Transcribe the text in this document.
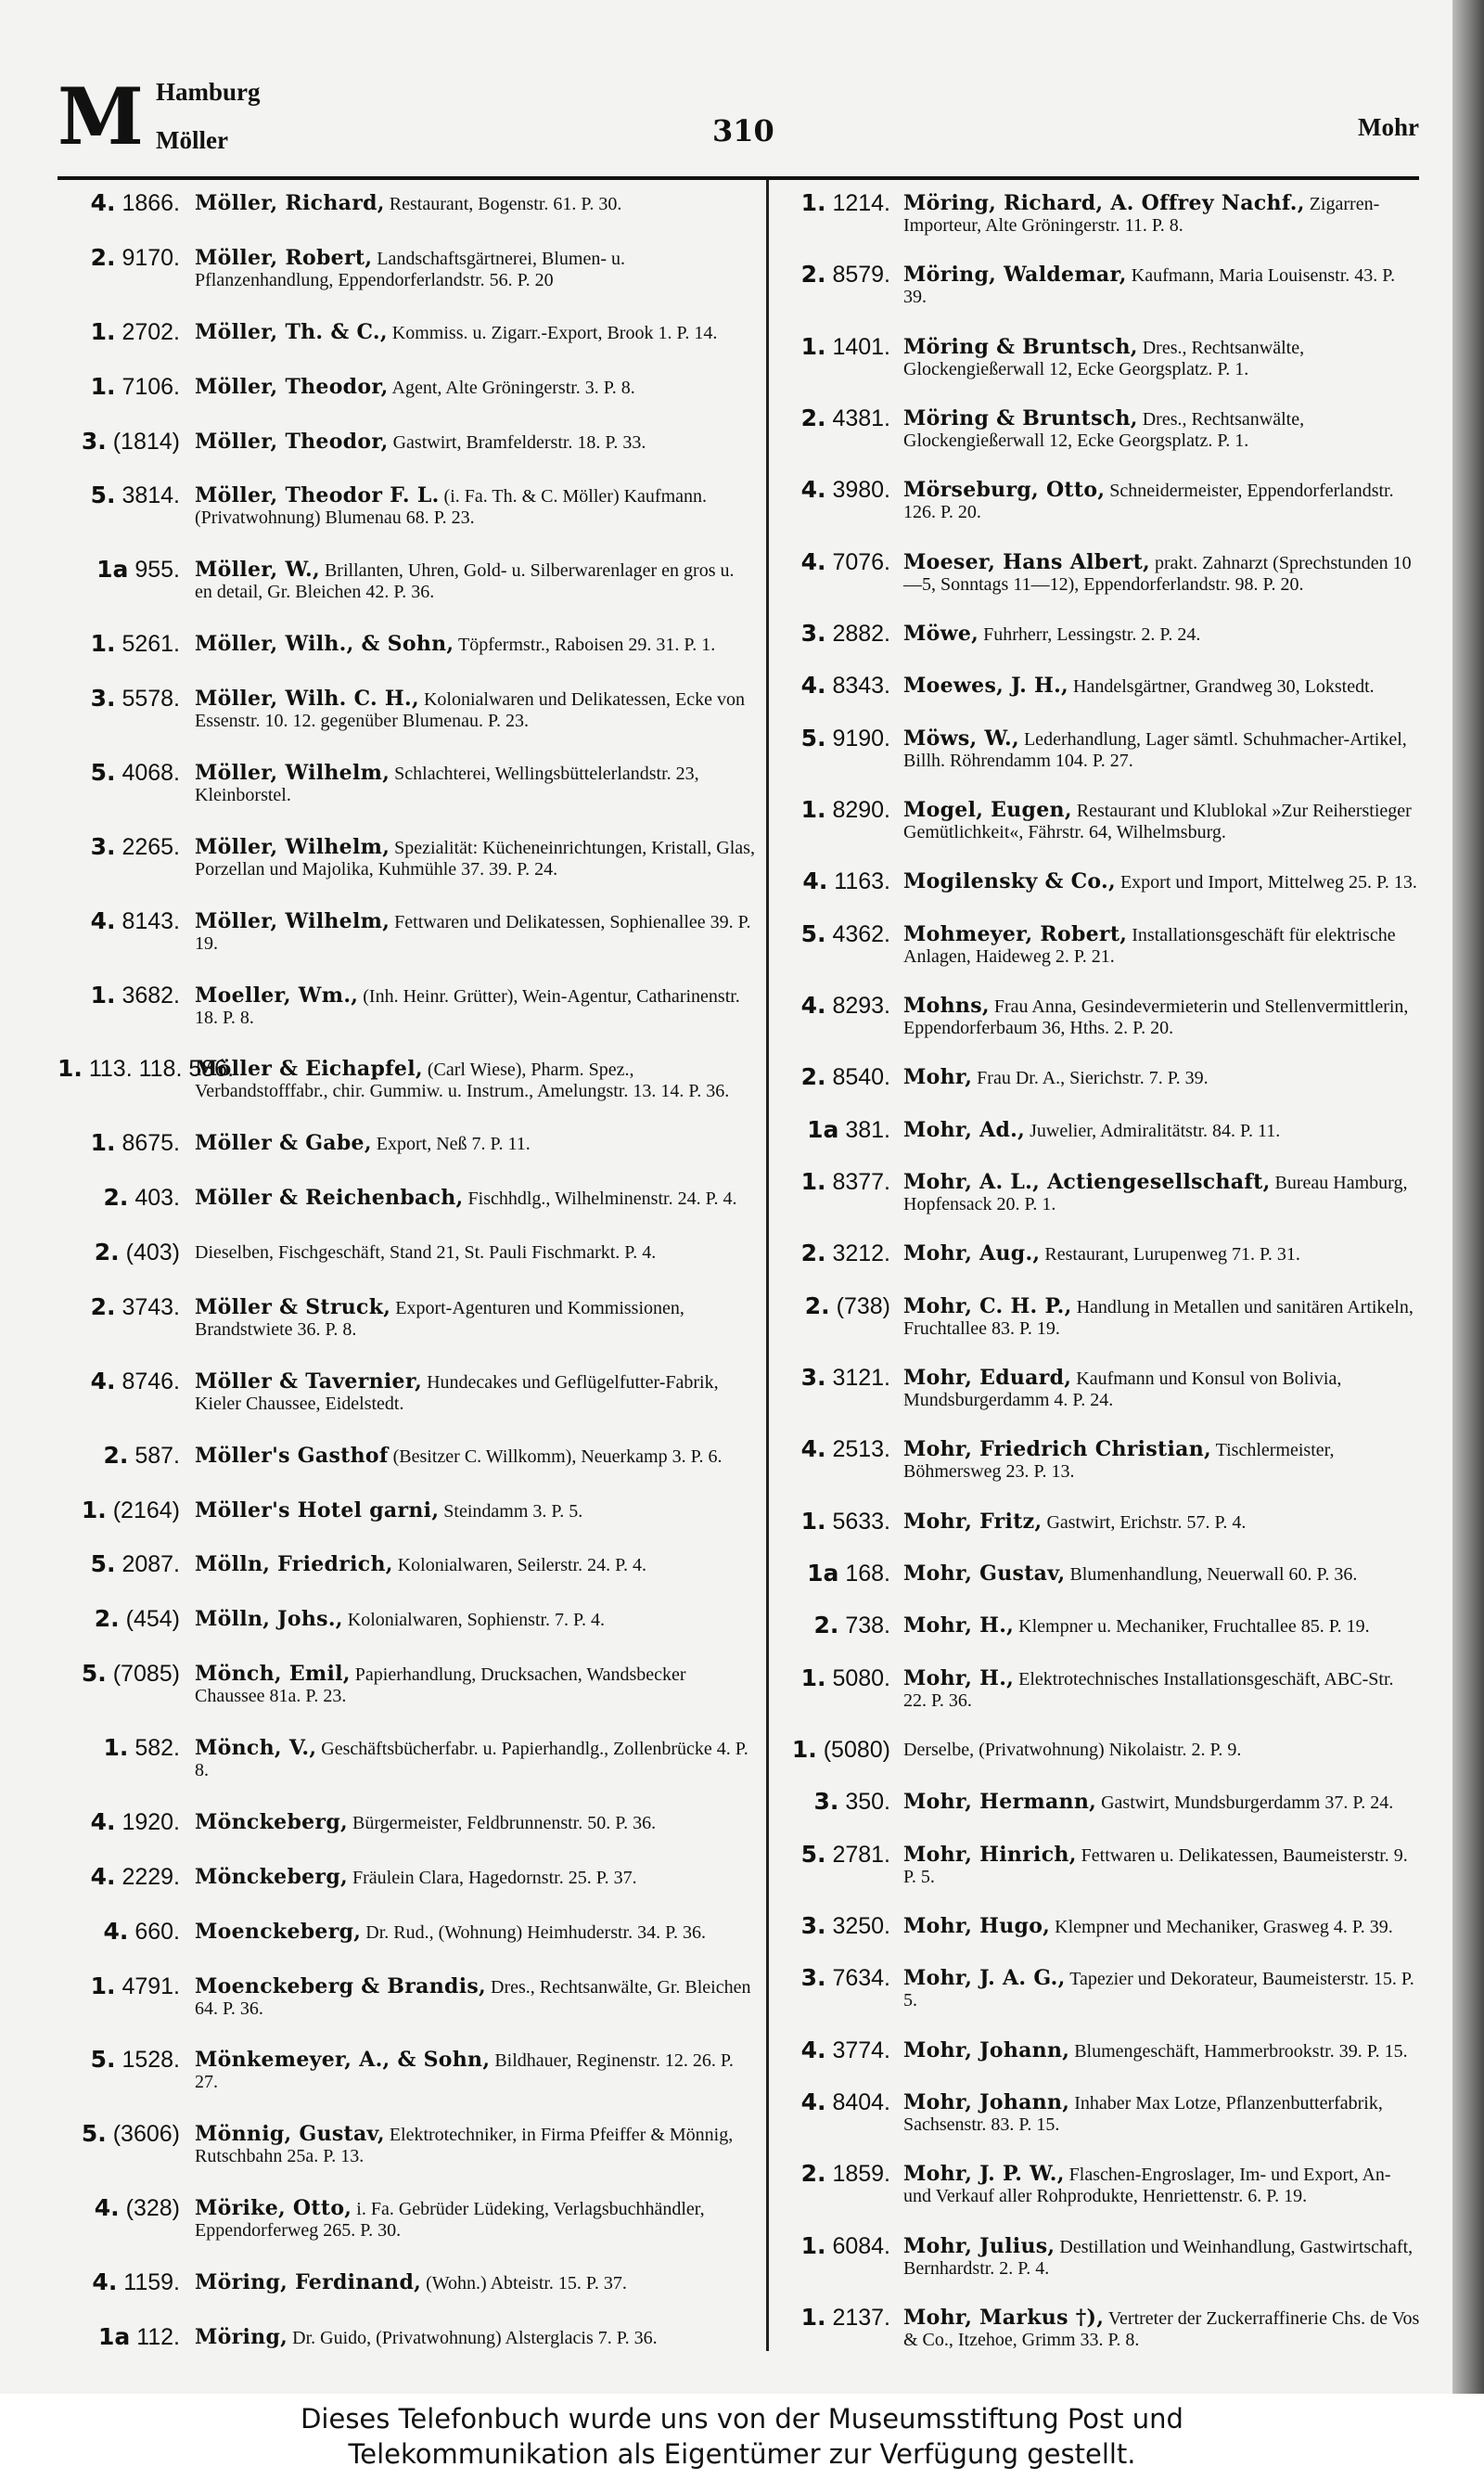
M Hamburg
Möller	310	Mohr
4. 1866. Möller, Richard, Restaurant, Bogenstr. 61. P. 30.
2. 9170. Möller, Robert, Landschaftsgärtnerei, Blumen- u. Pflanzenhandlung, Eppendorferlandstr. 56. P. 20
1. 2702. Möller, Th. & C., Kommiss. u. Zigarr.-Export, Brook 1. P. 14.
1. 7106. Möller, Theodor, Agent, Alte Gröningerstr. 3. P. 8.
3. (1814) Möller, Theodor, Gastwirt, Bramfelderstr. 18. P. 33.
5. 3814. Möller, Theodor F. L. (i. Fa. Th. & C. Möller) Kaufmann. (Privatwohnung) Blumenau 68. P. 23.
1a 955. Möller, W., Brillanten, Uhren, Gold- u. Silberwarenlager en gros u. en detail, Gr. Bleichen 42. P. 36.
1. 5261. Möller, Wilh., & Sohn, Töpfermstr., Raboisen 29. 31. P. 1.
3. 5578. Möller, Wilh. C. H., Kolonialwaren und Delikatessen, Ecke von Essenstr. 10. 12. gegenüber Blumenau. P. 23.
5. 4068. Möller, Wilhelm, Schlachterei, Wellingsbüttelerlandstr. 23, Kleinborstel.
3. 2265. Möller, Wilhelm, Spezialität: Kücheneinrichtungen, Kristall, Glas, Porzellan und Majolika, Kuhmühle 37. 39. P. 24.
4. 8143. Möller, Wilhelm, Fettwaren und Delikatessen, Sophienallee 39. P. 19.
1. 3682. Moeller, Wm., (Inh. Heinr. Grütter), Wein-Agentur, Catharinenstr. 18. P. 8.
1. 113. 118. 586.
Möller & Eichapfel, (Carl Wiese), Pharm. Spez., Verbandstofffabr., chir. Gummiw. u. Instrum., Amelungstr. 13. 14. P. 36.
1. 8675. Möller & Gabe, Export, Neß 7. P. 11.
2. 403. Möller & Reichenbach, Fischhdlg., Wilhelminenstr. 24. P. 4.
2. (403) Dieselben, Fischgeschäft, Stand 21, St. Pauli Fischmarkt. P. 4.
2. 3743. Möller & Struck, Export-Agenturen und Kommissionen, Brandstwiete 36. P. 8.
4. 8746. Möller & Tavernier, Hundecakes und Geflügelfutter-Fabrik, Kieler Chaussee, Eidelstedt.
2. 587. Möller's Gasthof (Besitzer C. Willkomm), Neuerkamp 3. P. 6.
1. (2164) Möller's Hotel garni, Steindamm 3. P. 5.
5. 2087. Mölln, Friedrich, Kolonialwaren, Seilerstr. 24. P. 4.
2. (454) Mölln, Johs., Kolonialwaren, Sophienstr. 7. P. 4.
5. (7085) Mönch, Emil, Papierhandlung, Drucksachen, Wandsbecker Chaussee 81a. P. 23.
1. 582. Mönch, V., Geschäftsbücherfabr. u. Papierhandlg., Zollenbrücke 4. P. 8.
4. 1920. Mönckeberg, Bürgermeister, Feldbrunnenstr. 50. P. 36.
4. 2229. Mönckeberg, Fräulein Clara, Hagedornstr. 25. P. 37.
4. 660. Moenckeberg, Dr. Rud., (Wohnung) Heimhuderstr. 34. P. 36.
1. 4791. Moenckeberg & Brandis, Dres., Rechtsanwälte, Gr. Bleichen 64. P. 36.
5. 1528. Mönkemeyer, A., & Sohn, Bildhauer, Reginenstr. 12. 26. P. 27.
5. (3606) Mönnig, Gustav, Elektrotechniker, in Firma Pfeiffer & Mönnig, Rutschbahn 25a. P. 13.
4. (328) Mörike, Otto, i. Fa. Gebrüder Lüdeking, Verlagsbuchhändler, Eppendorferweg 265. P. 30.
4. 1159. Möring, Ferdinand, (Wohn.) Abteistr. 15. P. 37.
1a 112. Möring, Dr. Guido, (Privatwohnung) Alsterglacis 7. P. 36.
1. 1214. Möring, Richard, A. Offrey Nachf., Zigarren-Importeur, Alte Gröningerstr. 11. P. 8.
2. 8579. Möring, Waldemar, Kaufmann, Maria Louisenstr. 43. P. 39.
1. 1401. Möring & Bruntsch, Dres., Rechtsanwälte, Glockengießerwall 12, Ecke Georgsplatz. P. 1.
2. 4381. Möring & Bruntsch, Dres., Rechtsanwälte, Glockengießerwall 12, Ecke Georgsplatz. P. 1.
4. 3980. Mörseburg, Otto, Schneidermeister, Eppendorferlandstr. 126. P. 20.
4. 7076. Moeser, Hans Albert, prakt. Zahnarzt (Sprechstunden 10—5, Sonntags 11—12), Eppendorferlandstr. 98. P. 20.
3. 2882. Möwe, Fuhrherr, Lessingstr. 2. P. 24.
4. 8343. Moewes, J. H., Handelsgärtner, Grandweg 30, Lokstedt.
5. 9190. Möws, W., Lederhandlung, Lager sämtl. Schuhmacher-Artikel, Billh. Röhrendamm 104. P. 27.
1. 8290. Mogel, Eugen, Restaurant und Klublokal »Zur Reiherstieger Gemütlichkeit«, Fährstr. 64, Wilhelmsburg.
4. 1163. Mogilensky & Co., Export und Import, Mittelweg 25. P. 13.
5. 4362. Mohmeyer, Robert, Installationsgeschäft für elektrische Anlagen, Haideweg 2. P. 21.
4. 8293. Mohns, Frau Anna, Gesindevermieterin und Stellenvermittlerin, Eppendorferbaum 36, Hths. 2. P. 20.
2. 8540. Mohr, Frau Dr. A., Sierichstr. 7. P. 39.
1a 381. Mohr, Ad., Juwelier, Admiralitätstr. 84. P. 11.
1. 8377. Mohr, A. L., Actiengesellschaft, Bureau Hamburg, Hopfensack 20. P. 1.
2. 3212. Mohr, Aug., Restaurant, Lurupenweg 71. P. 31.
2. (738) Mohr, C. H. P., Handlung in Metallen und sanitären Artikeln, Fruchtallee 83. P. 19.
3. 3121. Mohr, Eduard, Kaufmann und Konsul von Bolivia, Mundsburgerdamm 4. P. 24.
4. 2513. Mohr, Friedrich Christian, Tischlermeister, Böhmersweg 23. P. 13.
1. 5633. Mohr, Fritz, Gastwirt, Erichstr. 57. P. 4.
1a 168. Mohr, Gustav, Blumenhandlung, Neuerwall 60. P. 36.
2. 738. Mohr, H., Klempner u. Mechaniker, Fruchtallee 85. P. 19.
1. 5080. Mohr, H., Elektrotechnisches Installationsgeschäft, ABC-Str. 22. P. 36.
1. (5080) Derselbe, (Privatwohnung) Nikolaistr. 2. P. 9.
3. 350. Mohr, Hermann, Gastwirt, Mundsburgerdamm 37. P. 24.
5. 2781. Mohr, Hinrich, Fettwaren u. Delikatessen, Baumeisterstr. 9. P. 5.
3. 3250. Mohr, Hugo, Klempner und Mechaniker, Grasweg 4. P. 39.
3. 7634. Mohr, J. A. G., Tapezier und Dekorateur, Baumeisterstr. 15. P. 5.
4. 3774. Mohr, Johann, Blumengeschäft, Hammerbrookstr. 39. P. 15.
4. 8404. Mohr, Johann, Inhaber Max Lotze, Pflanzenbutterfabrik, Sachsenstr. 83. P. 15.
2. 1859. Mohr, J. P. W., Flaschen-Engroslager, Im- und Export, An- und Verkauf aller Rohprodukte, Henriettenstr. 6. P. 19.
1. 6084. Mohr, Julius, Destillation und Weinhandlung, Gastwirtschaft, Bernhardstr. 2. P. 4.
1. 2137. Mohr, Markus †), Vertreter der Zuckerraffinerie Chs. de Vos & Co., Itzehoe, Grimm 33. P. 8.
Dieses Telefonbuch wurde uns von der Museumsstiftung Post und
Telekommunikation als Eigentümer zur Verfügung gestellt.
